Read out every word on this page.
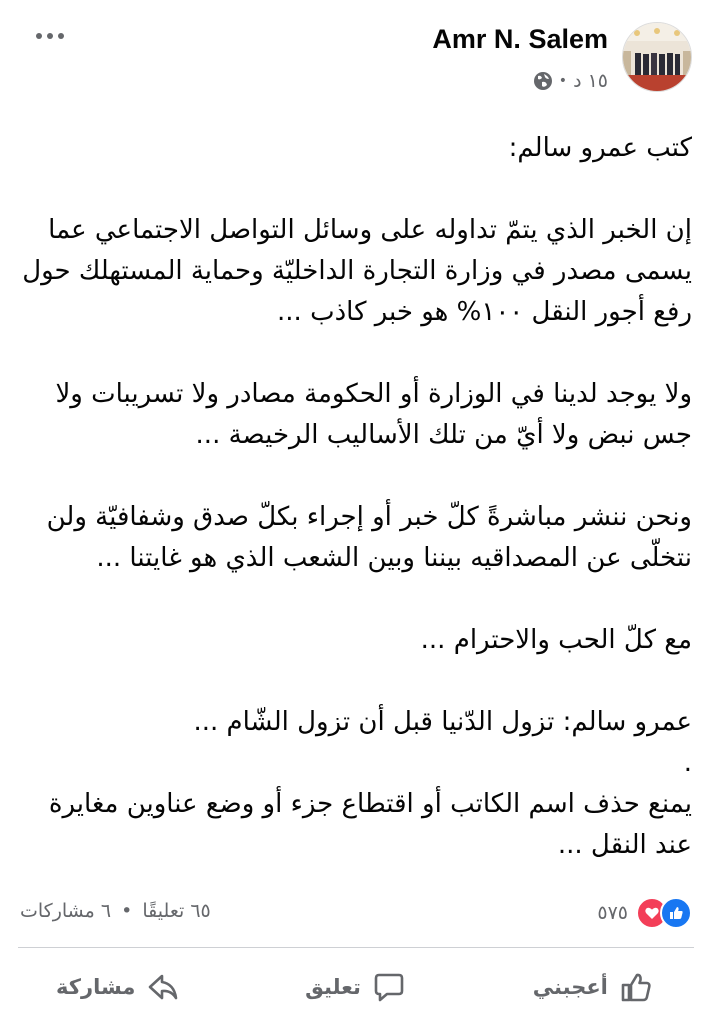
Amr N. Salem
١٥ د
•

كتب عمرو سالم:

إن الخبر الذي يتمّ تداوله على وسائل التواصل الاجتماعي عما

يسمى مصدر في وزارة التجارة الداخليّة وحماية المستهلك حول

رفع أجور النقل ١٠٠% هو خبر كاذب ...

ولا يوجد لدينا في الوزارة أو الحكومة مصادر ولا تسريبات ولا

جس نبض ولا أيّ من تلك الأساليب الرخيصة ...

ونحن ننشر مباشرةً كلّ خبر أو إجراء بكلّ صدق وشفافيّة ولن

نتخلّى عن المصداقيه بيننا وبين الشعب الذي هو غايتنا ...

مع كلّ الحب والاحترام ...

عمرو سالم: تزول الدّنيا قبل أن تزول الشّام ...

.

يمنع حذف اسم الكاتب أو اقتطاع جزء أو وضع عناوين مغايرة

عند النقل ...

٥٧٥
٦٥ تعليقًا • ٦ مشاركات
أعجبني
تعليق
مشاركة
